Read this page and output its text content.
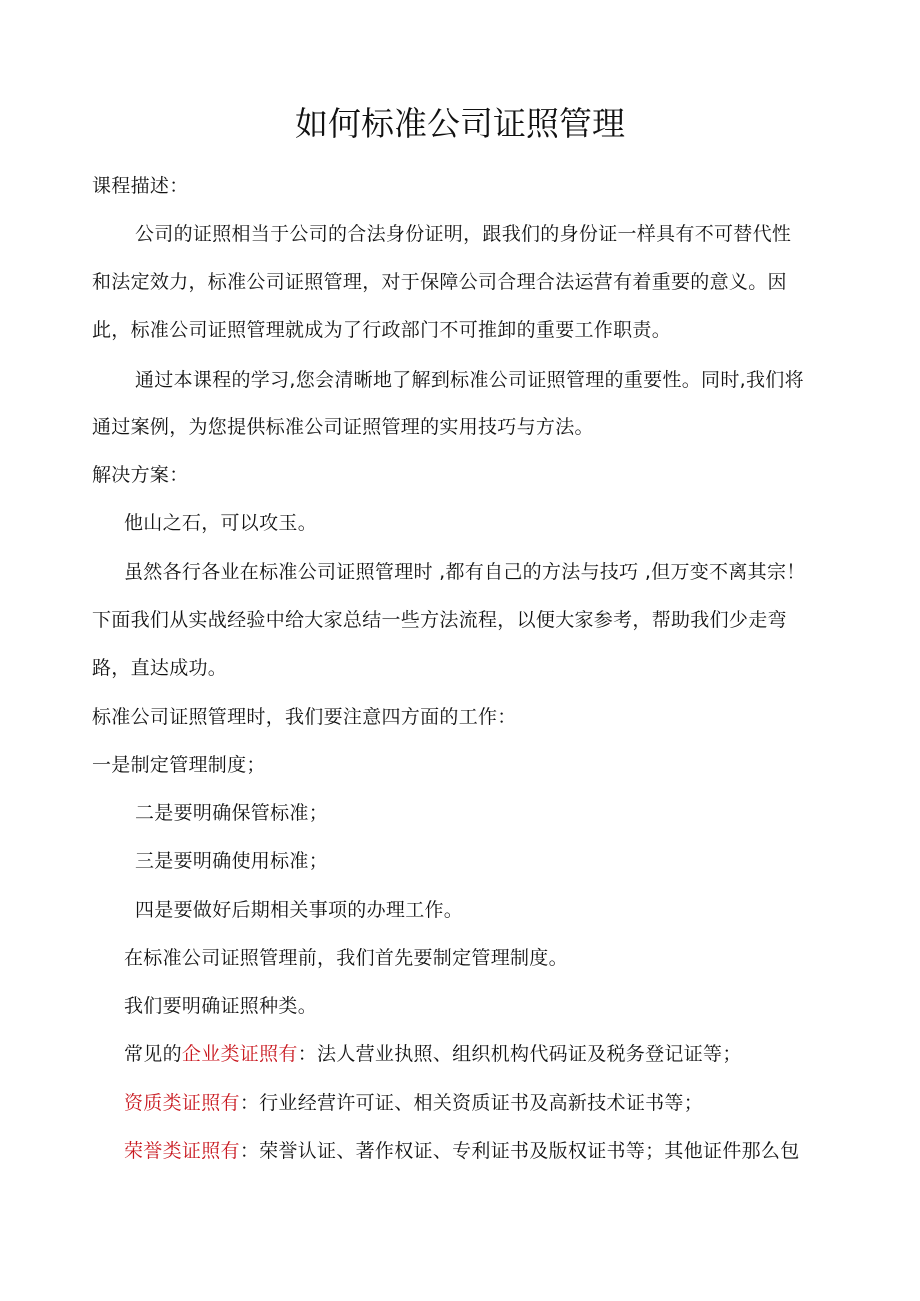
如何标准公司证照管理
课程描述：
公司的证照相当于公司的合法身份证明，跟我们的身份证一样具有不可替代性
和法定效力，标准公司证照管理，对于保障公司合理合法运营有着重要的意义。因
此，标准公司证照管理就成为了行政部门不可推卸的重要工作职责。
通过本课程的学习,您会清晰地了解到标准公司证照管理的重要性。同时,我们将
通过案例，为您提供标准公司证照管理的实用技巧与方法。
解决方案：
他山之石，可以攻玉。
虽然各行各业在标准公司证照管理时 ,都有自己的方法与技巧 ,但万变不离其宗！
下面我们从实战经验中给大家总结一些方法流程，以便大家参考，帮助我们少走弯
路，直达成功。
标准公司证照管理时，我们要注意四方面的工作：
一是制定管理制度；
二是要明确保管标准；
三是要明确使用标准；
四是要做好后期相关事项的办理工作。
在标准公司证照管理前，我们首先要制定管理制度。
我们要明确证照种类。
常见的企业类证照有：法人营业执照、组织机构代码证及税务登记证等；
资质类证照有：行业经营许可证、相关资质证书及高新技术证书等；
荣誉类证照有：荣誉认证、著作权证、专利证书及版权证书等；其他证件那么包
